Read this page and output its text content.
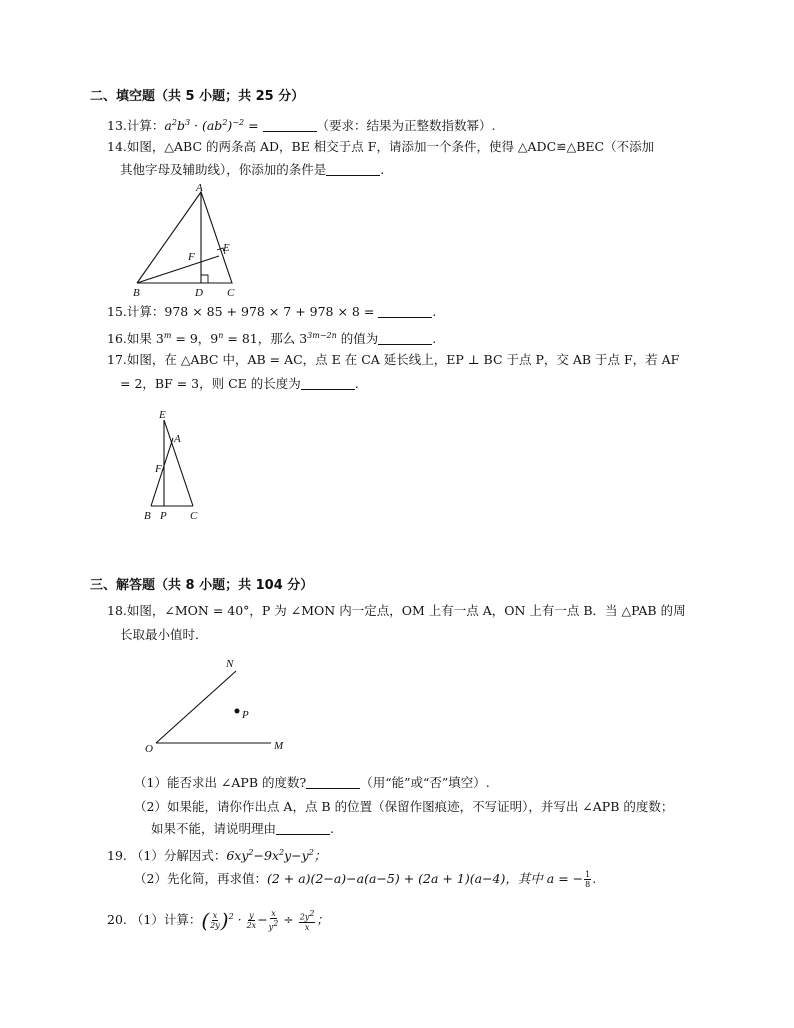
二、填空题（共 5 小题；共 25 分）
13.计算：$a^2b^3 \cdot (ab^2)^{-2}$ =	（要求：结果为正整数指数幂）.
14.如图，△ABC 的两条高 AD，BE 相交于点 F，请添加一个条件，使得 △ADC≌△BEC（不添加
其他字母及辅助线），你添加的条件是	.
A
E
F
B	D C
15.计算：978 × 85 + 978 × 7 + 978 × 8 =	.
16.如果 $3^m = 9$，$9^n = 81$，那么 $3^{3m-2n}$ 的值为	.
17.如图，在 △ABC 中，AB = AC，点 E 在 CA 延长线上，EP ⊥ BC 于点 P，交 AB 于点 F，若 AF
= 2，BF = 3，则 CE 的长度为	.
E
A
F
B P C
三、解答题（共 8 小题；共 104 分）
18.如图，∠MON = 40°，P 为 ∠MON 内一定点，OM 上有一点 A，ON 上有一点 B．当 △PAB 的周
长取最小值时．
N
P
O	M
（1）能否求出 ∠APB 的度数?	（用“能”或“否”填空）.
（2）如果能，请你作出点 A，点 B 的位置（保留作图痕迹，不写证明），并写出 ∠APB 的度数；
如果不能，请说明理由	.
19. （1）分解因式：$6xy^2-9x^2y-y^2$；
（2）先化简，再求值：(2 + a)(2−a)−a(a−5) + (2a + 1)(a−4)，其中 a = − $\frac{1}{8}$ .
20. （1）计算：( $\frac{x}{2y} )^2 \cdot \frac{y}{2x} - \frac{x}{y^2} \div \frac{2y^2}{x}$ ；
